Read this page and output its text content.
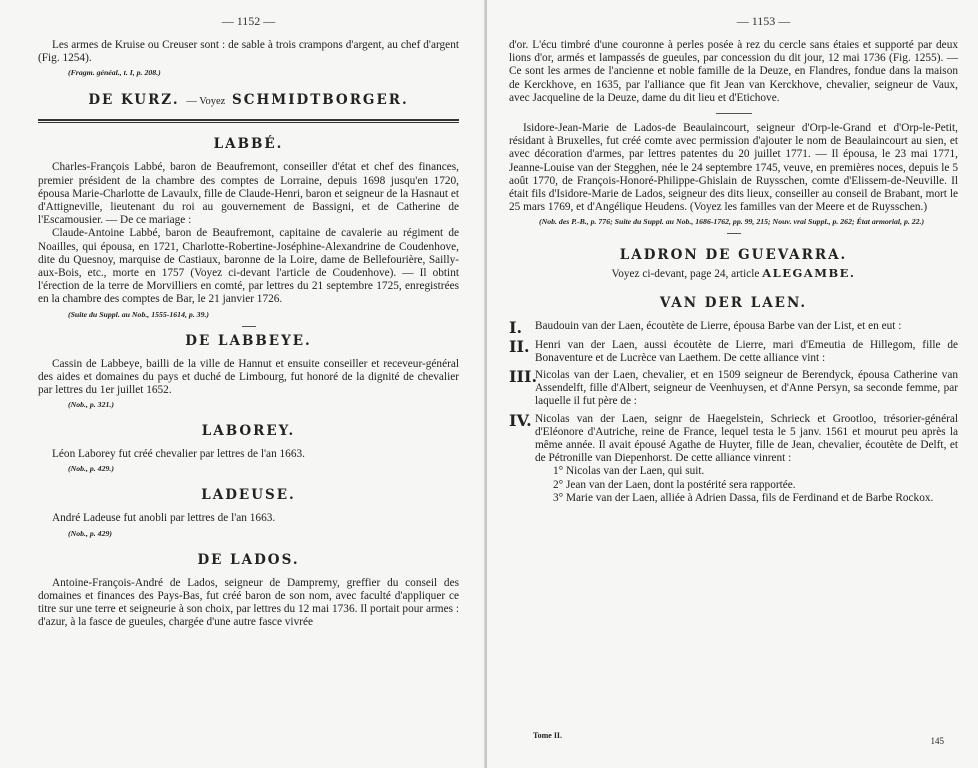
— 1152 —

Les armes de Kruise ou Creuser sont : de sable à trois crampons d'argent, au chef d'argent (Fig. 1254).

(Fragm. généal., t. I, p. 208.)
DE KURZ. — Voyez SCHMIDTBORGER.
LABBÉ.

Charles-François Labbé, baron de Beaufremont, conseiller d'état et chef des finances, premier président de la chambre des comptes de Lorraine, depuis 1698 jusqu'en 1720, épousa Marie-Charlotte de Lavaulx, fille de Claude-Henri, baron et seigneur de la Hasnaut et d'Attigneville, lieutenant du roi au gouvernement de Bassigni, et de Catherine de l'Escamousier. — De ce mariage :

Claude-Antoine Labbé, baron de Beaufremont, capitaine de cavalerie au régiment de Noailles, qui épousa, en 1721, Charlotte-Robertine-Joséphine-Alexandrine de Coudenhove, dite du Quesnoy, marquise de Castiaux, baronne de la Loire, dame de Bellefourière, Sailly-aux-Bois, etc., morte en 1757 (Voyez ci-devant l'article de Coudenhove). — Il obtint l'érection de la terre de Morvilliers en comté, par lettres du 21 septembre 1725, enregistrées en la chambre des comptes de Bar, le 21 janvier 1726.

(Suite du Suppl. au Nob., 1555-1614, p. 39.)
DE LABBEYE.

Cassin de Labbeye, bailli de la ville de Hannut et ensuite conseiller et receveur-général des aides et domaines du pays et duché de Limbourg, fut honoré de la dignité de chevalier par lettres du 1er juillet 1652.

(Nob., p. 321.)
LABOREY.

Léon Laborey fut créé chevalier par lettres de l'an 1663.

(Nob., p. 429.)
LADEUSE.

André Ladeuse fut anobli par lettres de l'an 1663.

(Nob., p. 429)
DE LADOS.

Antoine-François-André de Lados, seigneur de Dampremy, greffier du conseil des domaines et finances des Pays-Bas, fut créé baron de son nom, avec faculté d'appliquer ce titre sur une terre et seigneurie à son choix, par lettres du 12 mai 1736. Il portait pour armes : d'azur, à la fasce de gueules, chargée d'une autre fasce vivrée

— 1153 —

d'or. L'écu timbré d'une couronne à perles posée à rez du cercle sans étaies et supporté par deux lions d'or, armés et lampassés de gueules, par concession du dit jour, 12 mai 1736 (Fig. 1255). — Ce sont les armes de l'ancienne et noble famille de la Deuze, en Flandres, fondue dans la maison de Kerckhove, en 1635, par l'alliance que fit Jean van Kerckhove, chevalier, seigneur de Vaux, avec Jacqueline de la Deuze, dame du dit lieu et d'Etichove.

Isidore-Jean-Marie de Lados-de Beaulaincourt, seigneur d'Orp-le-Grand et d'Orp-le-Petit, résidant à Bruxelles, fut créé comte avec permission d'ajouter le nom de Beaulaincourt au sien, et avec décoration d'armes, par lettres patentes du 20 juillet 1771. — Il épousa, le 23 mai 1771, Jeanne-Louise van der Stegghen, née le 24 septembre 1745, veuve, en premières noces, depuis le 5 août 1770, de François-Honoré-Philippe-Ghislain de Ruysschen, comte d'Elissem-de-Neuville. Il était fils d'Isidore-Marie de Lados, seigneur des dits lieux, conseiller au conseil de Brabant, mort le 25 mars 1769, et d'Angélique Heudens. (Voyez les familles van der Meere et de Ruysschen.)

(Nob. des P.-B., p. 776; Suite du Suppl. au Nob., 1686-1762, pp. 99, 215; Nouv. vrai Suppl., p. 262; État armorial, p. 22.)
LADRON DE GUEVARRA.

Voyez ci-devant, page 24, article ALEGAMBE.

VAN DER LAEN.
I.	Baudouin van der Laen, écoutète de Lierre, épousa Barbe van der List, et en eut :

II. Henri van der Laen, aussi écoutète de Lierre, mari d'Emeutia de Hillegom, fille de Bonaventure et de Lucrèce van Laethem. De cette alliance vint :

III.

Nicolas van der Laen, chevalier, et en 1509 seigneur de Berendyck, épousa Catherine van Assendelft, fille d'Albert, seigneur de Veenhuysen, et d'Anne Persyn, sa seconde femme, par laquelle il fut père de :

IV. Nicolas van der Laen, seignr de Haegelstein, Schrieck et Grootloo, trésorier-général d'Eléonore d'Autriche, reine de France, lequel testa le 5 janv. 1561 et mourut peu après la même année. Il avait épousé Agathe de Huyter, fille de Jean, chevalier, écoutète de Delft, et de Pétronille van Diepenhorst. De cette alliance vinrent :

1° Nicolas van der Laen, qui suit.

2° Jean van der Laen, dont la postérité sera rapportée.

3° Marie van der Laen, alliée à Adrien Dassa, fils de Ferdinand et de Barbe Rockox.

Tome II.
145
